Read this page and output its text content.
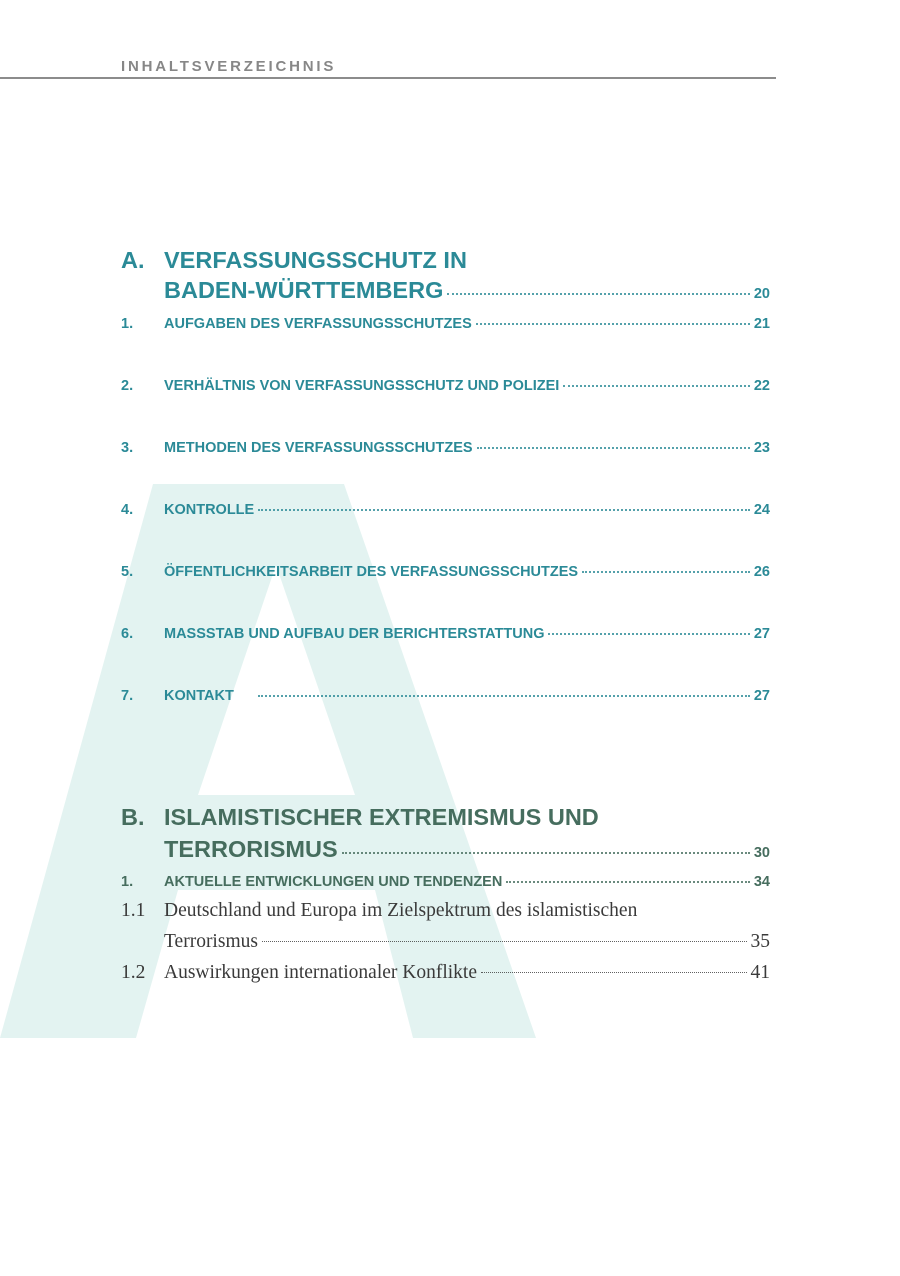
INHALTSVERZEICHNIS
A. VERFASSUNGSSCHUTZ IN
BADEN-WÜRTTEMBERG	20
1. AUFGABEN DES VERFASSUNGSSCHUTZES	21
2. VERHÄLTNIS VON VERFASSUNGSSCHUTZ UND POLIZEI	22
3. METHODEN DES VERFASSUNGSSCHUTZES	23
4. KONTROLLE	24
5. ÖFFENTLICHKEITSARBEIT DES VERFASSUNGSSCHUTZES	26
6. MASSSTAB UND AUFBAU DER BERICHTERSTATTUNG	27
7. KONTAKT	27
B. ISLAMISTISCHER EXTREMISMUS UND
TERRORISMUS	30
1. AKTUELLE ENTWICKLUNGEN UND TENDENZEN	34
1.1 Deutschland und Europa im Zielspektrum des islamistischen
Terrorismus	35
1.2 Auswirkungen internationaler Konflikte	41
